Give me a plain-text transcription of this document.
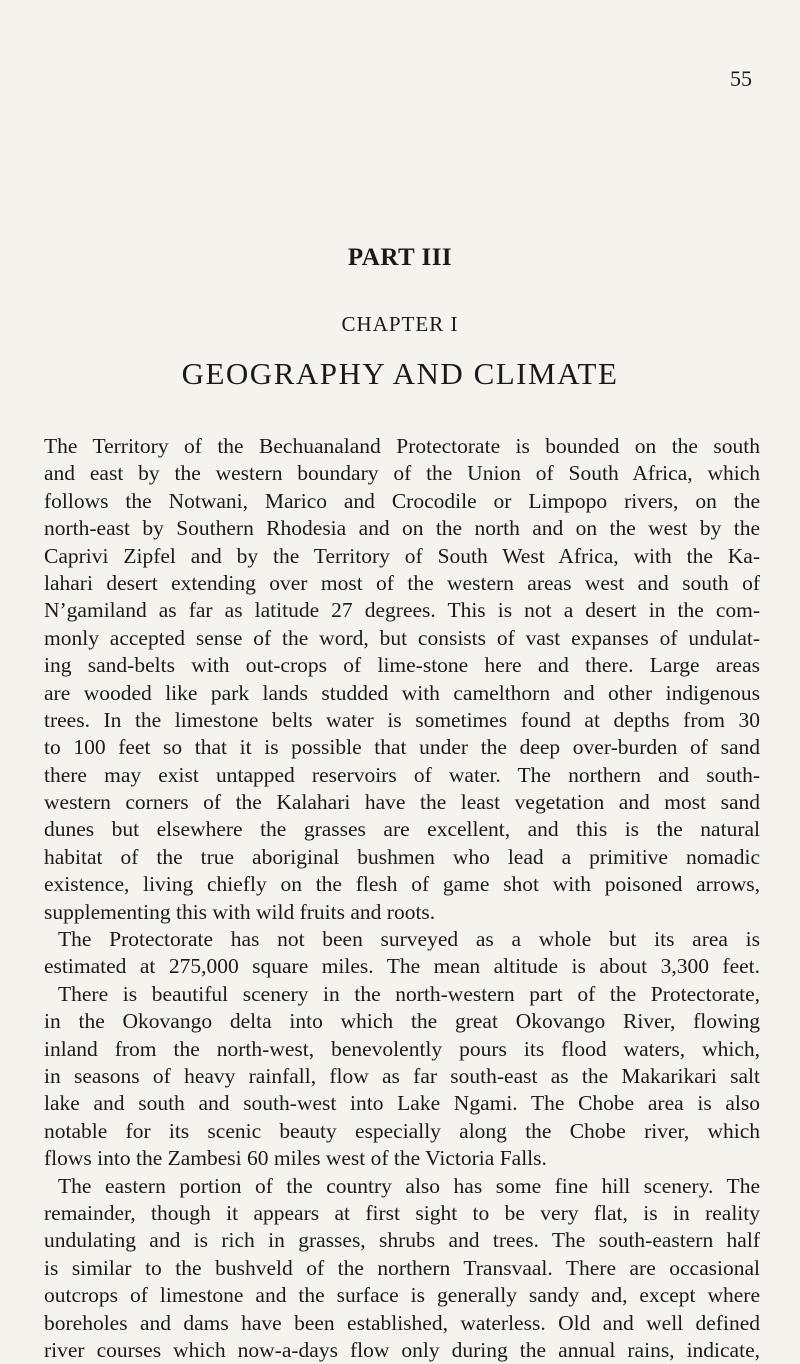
55
PART III
CHAPTER I
GEOGRAPHY AND CLIMATE
The Territory of the Bechuanaland Protectorate is bounded on the south
and east by the western boundary of the Union of South Africa, which
follows the Notwani, Marico and Crocodile or Limpopo rivers, on the
north-east by Southern Rhodesia and on the north and on the west by the
Caprivi Zipfel and by the Territory of South West Africa, with the Ka-
lahari desert extending over most of the western areas west and south of
N’gamiland as far as latitude 27 degrees. This is not a desert in the com-
monly accepted sense of the word, but consists of vast expanses of undulat-
ing sand-belts with out-crops of lime-stone here and there. Large areas
are wooded like park lands studded with camelthorn and other indigenous
trees. In the limestone belts water is sometimes found at depths from 30
to 100 feet so that it is possible that under the deep over-burden of sand
there may exist untapped reservoirs of water. The northern and south-
western corners of the Kalahari have the least vegetation and most sand
dunes but elsewhere the grasses are excellent, and this is the natural
habitat of the true aboriginal bushmen who lead a primitive nomadic
existence, living chiefly on the flesh of game shot with poisoned arrows,
supplementing this with wild fruits and roots.
The Protectorate has not been surveyed as a whole but its area is
estimated at 275,000 square miles. The mean altitude is about 3,300 feet.
There is beautiful scenery in the north-western part of the Protectorate,
in the Okovango delta into which the great Okovango River, flowing
inland from the north-west, benevolently pours its flood waters, which,
in seasons of heavy rainfall, flow as far south-east as the Makarikari salt
lake and south and south-west into Lake Ngami. The Chobe area is also
notable for its scenic beauty especially along the Chobe river, which
flows into the Zambesi 60 miles west of the Victoria Falls.
The eastern portion of the country also has some fine hill scenery. The
remainder, though it appears at first sight to be very flat, is in reality
undulating and is rich in grasses, shrubs and trees. The south-eastern half
is similar to the bushveld of the northern Transvaal. There are occasional
outcrops of limestone and the surface is generally sandy and, except where
boreholes and dams have been established, waterless. Old and well defined
river courses which now-a-days flow only during the annual rains, indicate,
